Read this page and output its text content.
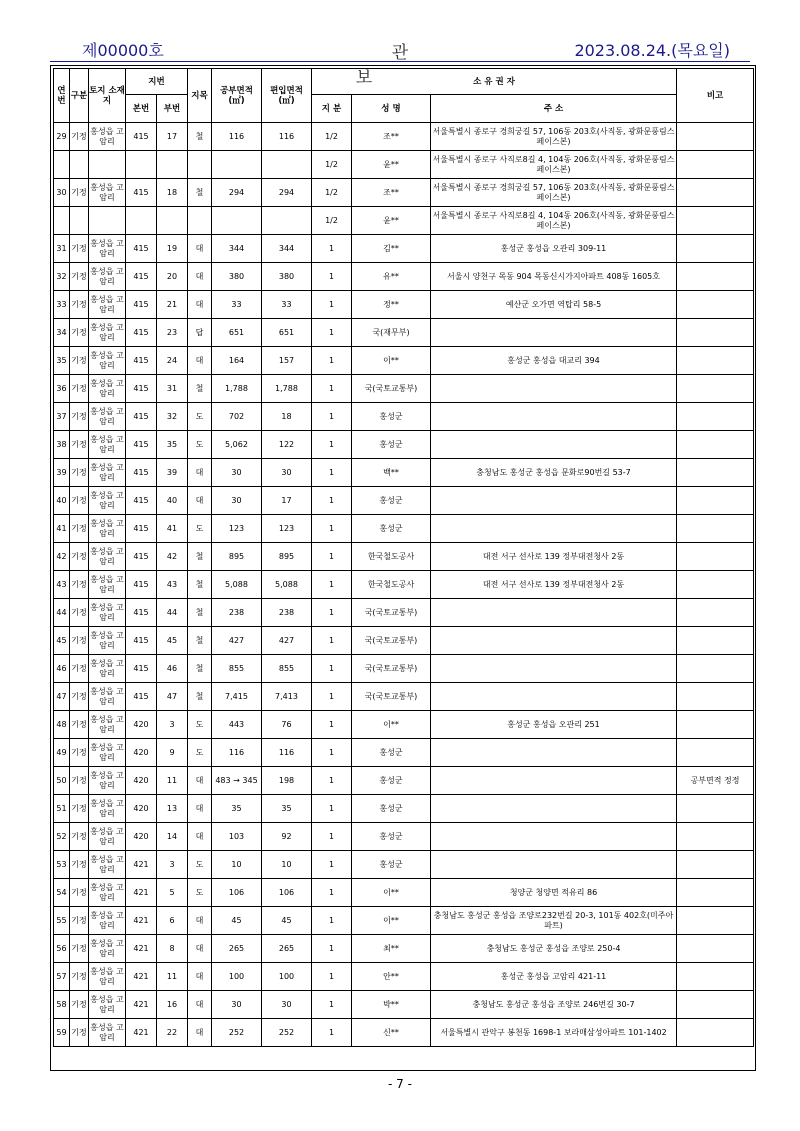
제00000호	관 보
2023.08.24.(목요일)
연번	구분	토지 소재지	지번		지목	공부면적 (㎡)	편입면적 (㎡)	소 유 권 자			비고
			본번	부번				지 분	성 명	주 소	
29	기정	홍성읍 고암리	415	17	철	116	116	1/2	조**	서울특별시 종로구 경희궁길 57, 106동 203호(사직동, 광화문풍림스페이스본)	
								1/2	윤**	서울특별시 종로구 사직로8길 4, 104동 206호(사직동, 광화문풍림스페이스본)	
30	기정	홍성읍 고암리	415	18	철	294	294	1/2	조**	서울특별시 종로구 경희궁길 57, 106동 203호(사직동, 광화문풍림스페이스본)	
								1/2	윤**	서울특별시 종로구 사직로8길 4, 104동 206호(사직동, 광화문풍림스페이스본)	
31	기정	홍성읍 고암리	415	19	대	344	344	1	김**	홍성군 홍성읍 오관리 309-11	
32	기정	홍성읍 고암리	415	20	대	380	380	1	유**	서울시 양천구 목동 904 목동신시가지아파트 408동 1605호	
33	기정	홍성읍 고암리	415	21	대	33	33	1	정**	예산군 오가면 역탑리 58-5	
34	기정	홍성읍 고암리	415	23	답	651	651	1	국(재무부)		
35	기정	홍성읍 고암리	415	24	대	164	157	1	이**	홍성군 홍성읍 대교리 394	
36	기정	홍성읍 고암리	415	31	철	1,788	1,788	1	국(국토교통부)		
37	기정	홍성읍 고암리	415	32	도	702	18	1	홍성군		
38	기정	홍성읍 고암리	415	35	도	5,062	122	1	홍성군		
39	기정	홍성읍 고암리	415	39	대	30	30	1	백**	충청남도 홍성군 홍성읍 문화로90번길 53-7	
40	기정	홍성읍 고암리	415	40	대	30	17	1	홍성군		
41	기정	홍성읍 고암리	415	41	도	123	123	1	홍성군		
42	기정	홍성읍 고암리	415	42	철	895	895	1	한국철도공사	대전 서구 선사로 139 정부대전청사 2동	
43	기정	홍성읍 고암리	415	43	철	5,088	5,088	1	한국철도공사	대전 서구 선사로 139 정부대전청사 2동	
44	기정	홍성읍 고암리	415	44	철	238	238	1	국(국토교통부)		
45	기정	홍성읍 고암리	415	45	철	427	427	1	국(국토교통부)		
46	기정	홍성읍 고암리	415	46	철	855	855	1	국(국토교통부)		
47	기정	홍성읍 고암리	415	47	철	7,415	7,413	1	국(국토교통부)		
48	기정	홍성읍 고암리	420	3	도	443	76	1	이**	홍성군 홍성읍 오관리 251	
49	기정	홍성읍 고암리	420	9	도	116	116	1	홍성군		
50	기정	홍성읍 고암리	420	11	대	483 → 345	198	1	홍성군		공부면적 정정
51	기정	홍성읍 고암리	420	13	대	35	35	1	홍성군		
52	기정	홍성읍 고암리	420	14	대	103	92	1	홍성군		
53	기정	홍성읍 고암리	421	3	도	10	10	1	홍성군		
54	기정	홍성읍 고암리	421	5	도	106	106	1	이**	청양군 청양면 적유리 86	
55	기정	홍성읍 고암리	421	6	대	45	45	1	이**	충청남도 홍성군 홍성읍 조양로232번길 20-3, 101동 402호(미주아파트)	
56	기정	홍성읍 고암리	421	8	대	265	265	1	최**	충청남도 홍성군 홍성읍 조양로 250-4	
57	기정	홍성읍 고암리	421	11	대	100	100	1	안**	홍성군 홍성읍 고암리 421-11	
58	기정	홍성읍 고암리	421	16	대	30	30	1	박**	충청남도 홍성군 홍성읍 조양로 246번길 30-7	
59	기정	홍성읍 고암리	421	22	대	252	252	1	신**	서울특별시 관악구 봉천동 1698-1 보라매삼성아파트 101-1402	
- 7 -
